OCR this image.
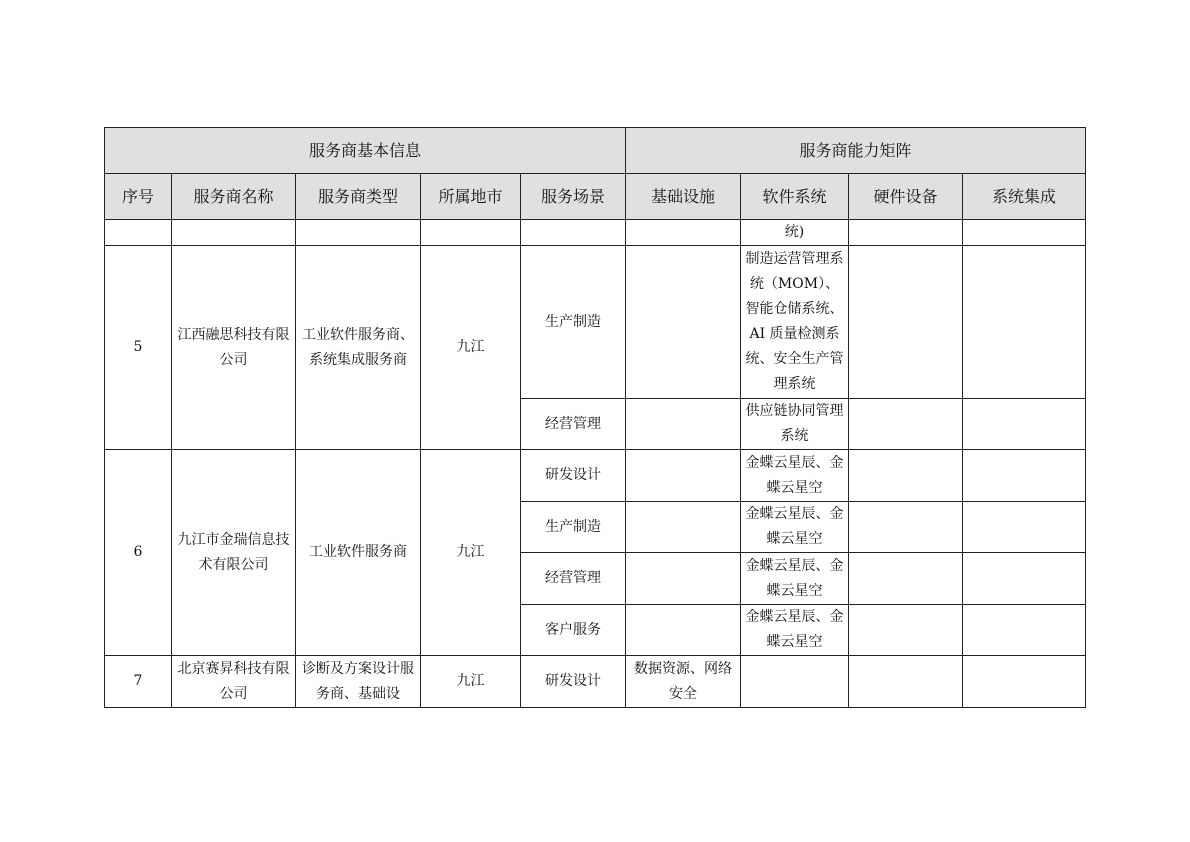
服务商基本信息					服务商能力矩阵			
序号	服务商名称	服务商类型	所属地市	服务场景	基础设施	软件系统	硬件设备	系统集成
						统)		
5	江西融思科技有限公司	工业软件服务商、系统集成服务商	九江	生产制造		制造运营管理系统（MOM）、智能仓储系统、AI 质量检测系统、安全生产管理系统		
				经营管理		供应链协同管理系统		
6	九江市金瑞信息技术有限公司	工业软件服务商	九江	研发设计		金蝶云星辰、金蝶云星空		
				生产制造		金蝶云星辰、金蝶云星空		
				经营管理		金蝶云星辰、金蝶云星空		
				客户服务		金蝶云星辰、金蝶云星空		
7	北京赛昇科技有限公司	诊断及方案设计服务商、基础设	九江	研发设计	数据资源、网络安全			
